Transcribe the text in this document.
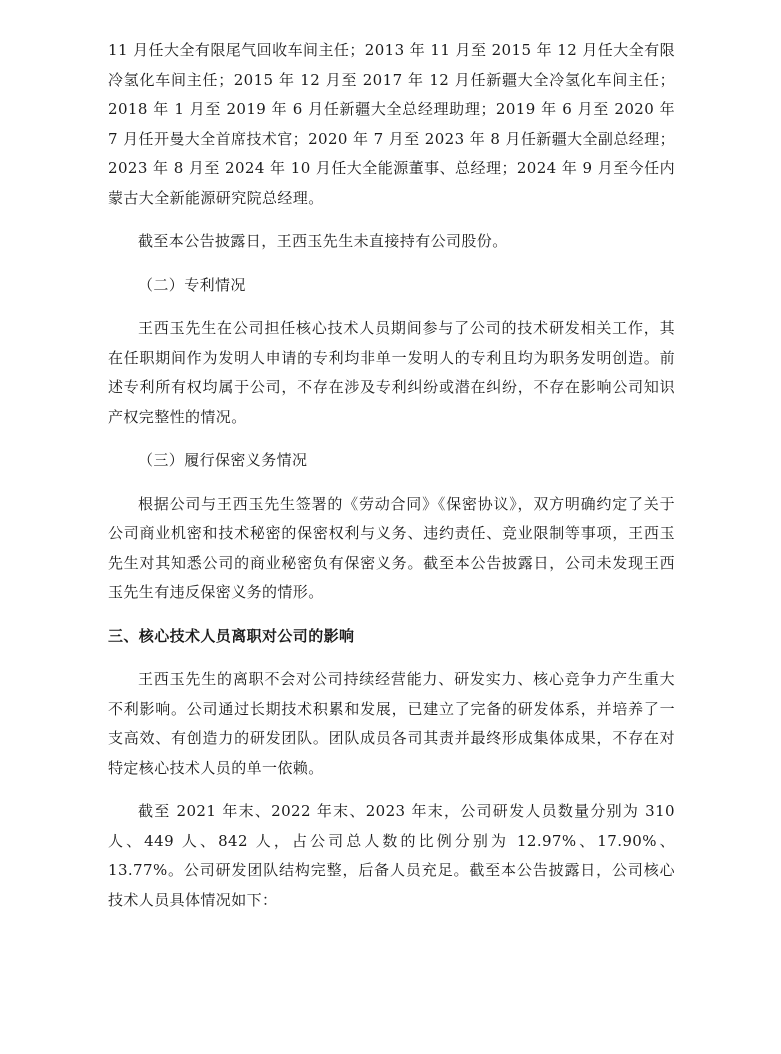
11 月任大全有限尾气回收车间主任；2013 年 11 月至 2015 年 12 月任大全有限冷氢化车间主任；2015 年 12 月至 2017 年 12 月任新疆大全冷氢化车间主任；2018 年 1 月至 2019 年 6 月任新疆大全总经理助理；2019 年 6 月至 2020 年 7 月任开曼大全首席技术官；2020 年 7 月至 2023 年 8 月任新疆大全副总经理；2023 年 8 月至 2024 年 10 月任大全能源董事、总经理；2024 年 9 月至今任内蒙古大全新能源研究院总经理。

截至本公告披露日，王西玉先生未直接持有公司股份。

（二）专利情况

王西玉先生在公司担任核心技术人员期间参与了公司的技术研发相关工作，其在任职期间作为发明人申请的专利均非单一发明人的专利且均为职务发明创造。前述专利所有权均属于公司，不存在涉及专利纠纷或潜在纠纷，不存在影响公司知识产权完整性的情况。

（三）履行保密义务情况

根据公司与王西玉先生签署的《劳动合同》《保密协议》，双方明确约定了关于公司商业机密和技术秘密的保密权利与义务、违约责任、竞业限制等事项，王西玉先生对其知悉公司的商业秘密负有保密义务。截至本公告披露日，公司未发现王西玉先生有违反保密义务的情形。

三、核心技术人员离职对公司的影响

王西玉先生的离职不会对公司持续经营能力、研发实力、核心竞争力产生重大不利影响。公司通过长期技术积累和发展，已建立了完备的研发体系，并培养了一支高效、有创造力的研发团队。团队成员各司其责并最终形成集体成果，不存在对特定核心技术人员的单一依赖。

截至 2021 年末、2022 年末、2023 年末，公司研发人员数量分别为 310 人、449 人、842 人，占公司总人数的比例分别为 12.97%、17.90%、13.77%。公司研发团队结构完整，后备人员充足。截至本公告披露日，公司核心技术人员具体情况如下：
